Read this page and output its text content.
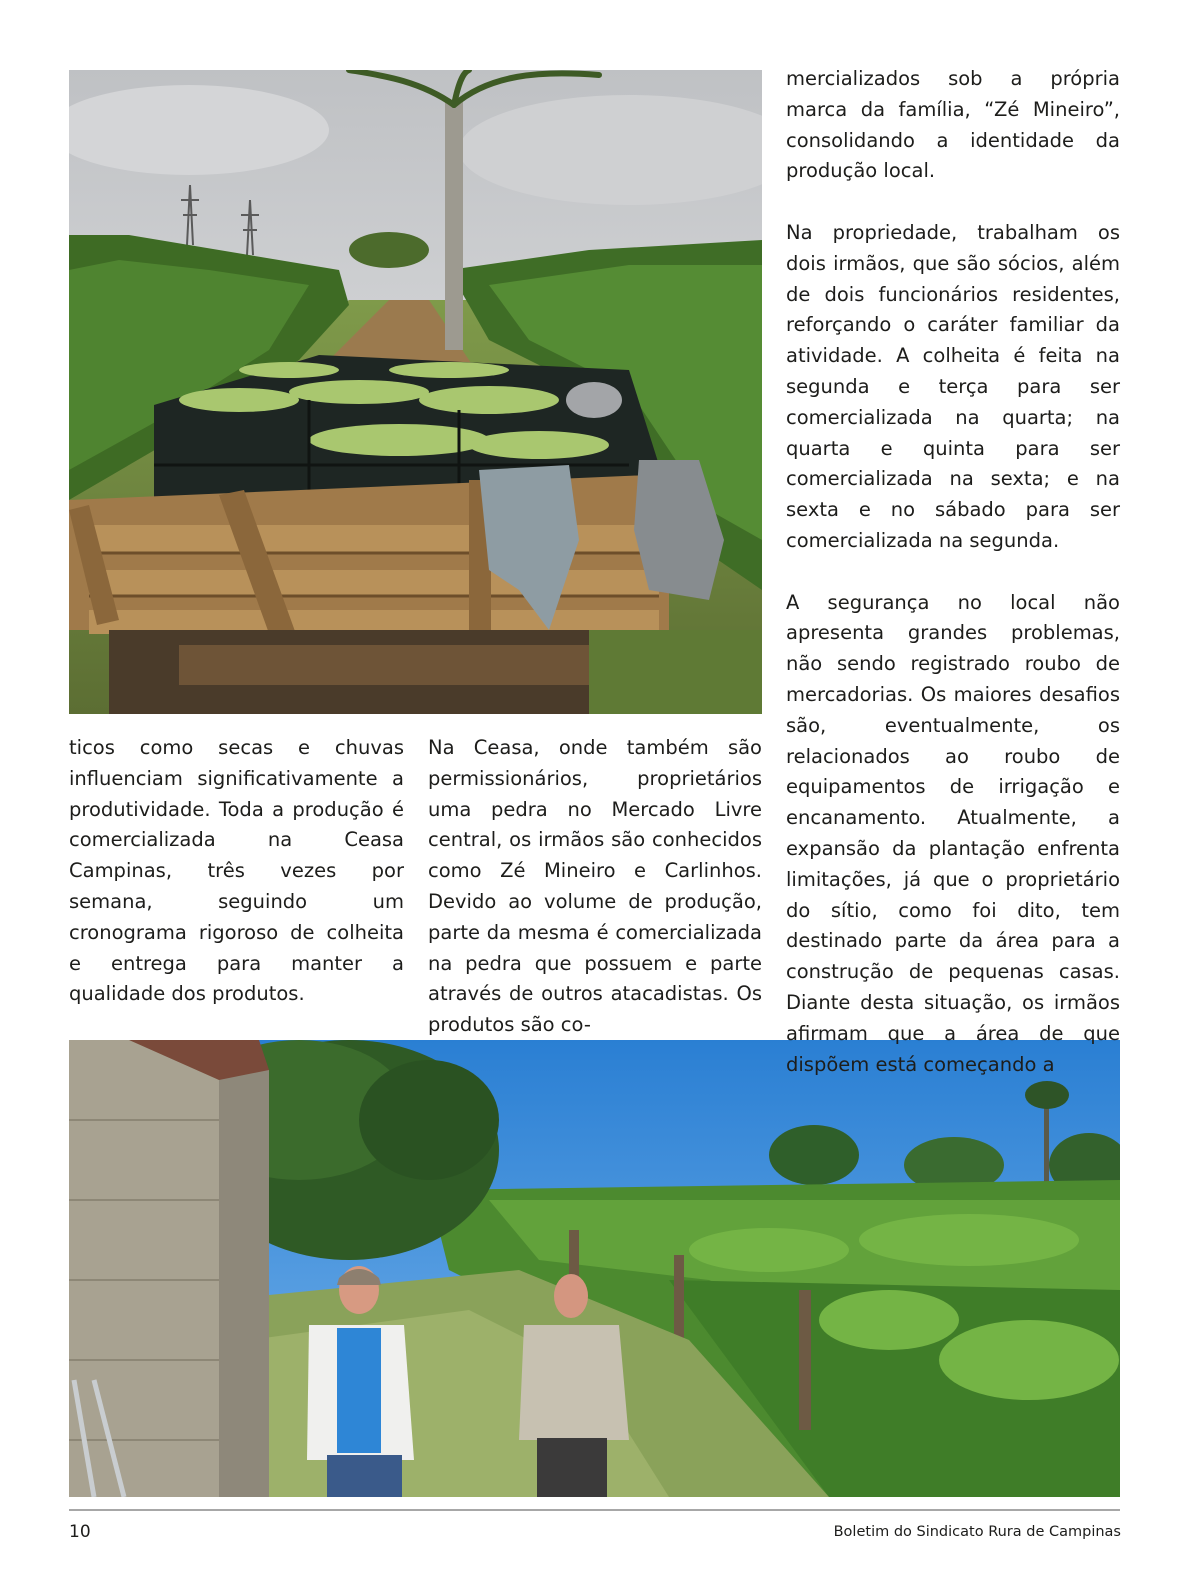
ticos como secas e chuvas influenciam significativamente a produtividade. Toda a produção é comercializada na Ceasa Campinas, três vezes por semana, seguindo um cronograma rigoroso de colheita e entrega para manter a qualidade dos produtos.

Na Ceasa, onde também são permissionários, proprietários uma pedra no Mercado Livre central, os irmãos são conhecidos como Zé Mineiro e Carlinhos. Devido ao volume de produção, parte da mesma é comercializada na pedra que possuem e parte através de outros atacadistas. Os produtos são co-

mercializados sob a própria marca da família, “Zé Mineiro”, consolidando a identidade da produção local.

Na propriedade, trabalham os dois irmãos, que são sócios, além de dois funcionários residentes, reforçando o caráter familiar da atividade. A colheita é feita na segunda e terça para ser comercializada na quarta; na quarta e quinta para ser comercializada na sexta; e na sexta e no sábado para ser comercializada na segunda.

A segurança no local não apresenta grandes problemas, não sendo registrado roubo de mercadorias. Os maiores desafios são, eventualmente, os relacionados ao roubo de equipamentos de irrigação e encanamento. Atualmente, a expansão da plantação enfrenta limitações, já que o proprietário do sítio, como foi dito, tem destinado parte da área para a construção de pequenas casas. Diante desta situação, os irmãos afirmam que a área de que dispõem está começando a

10	Boletim do Sindicato Rura de Campinas
